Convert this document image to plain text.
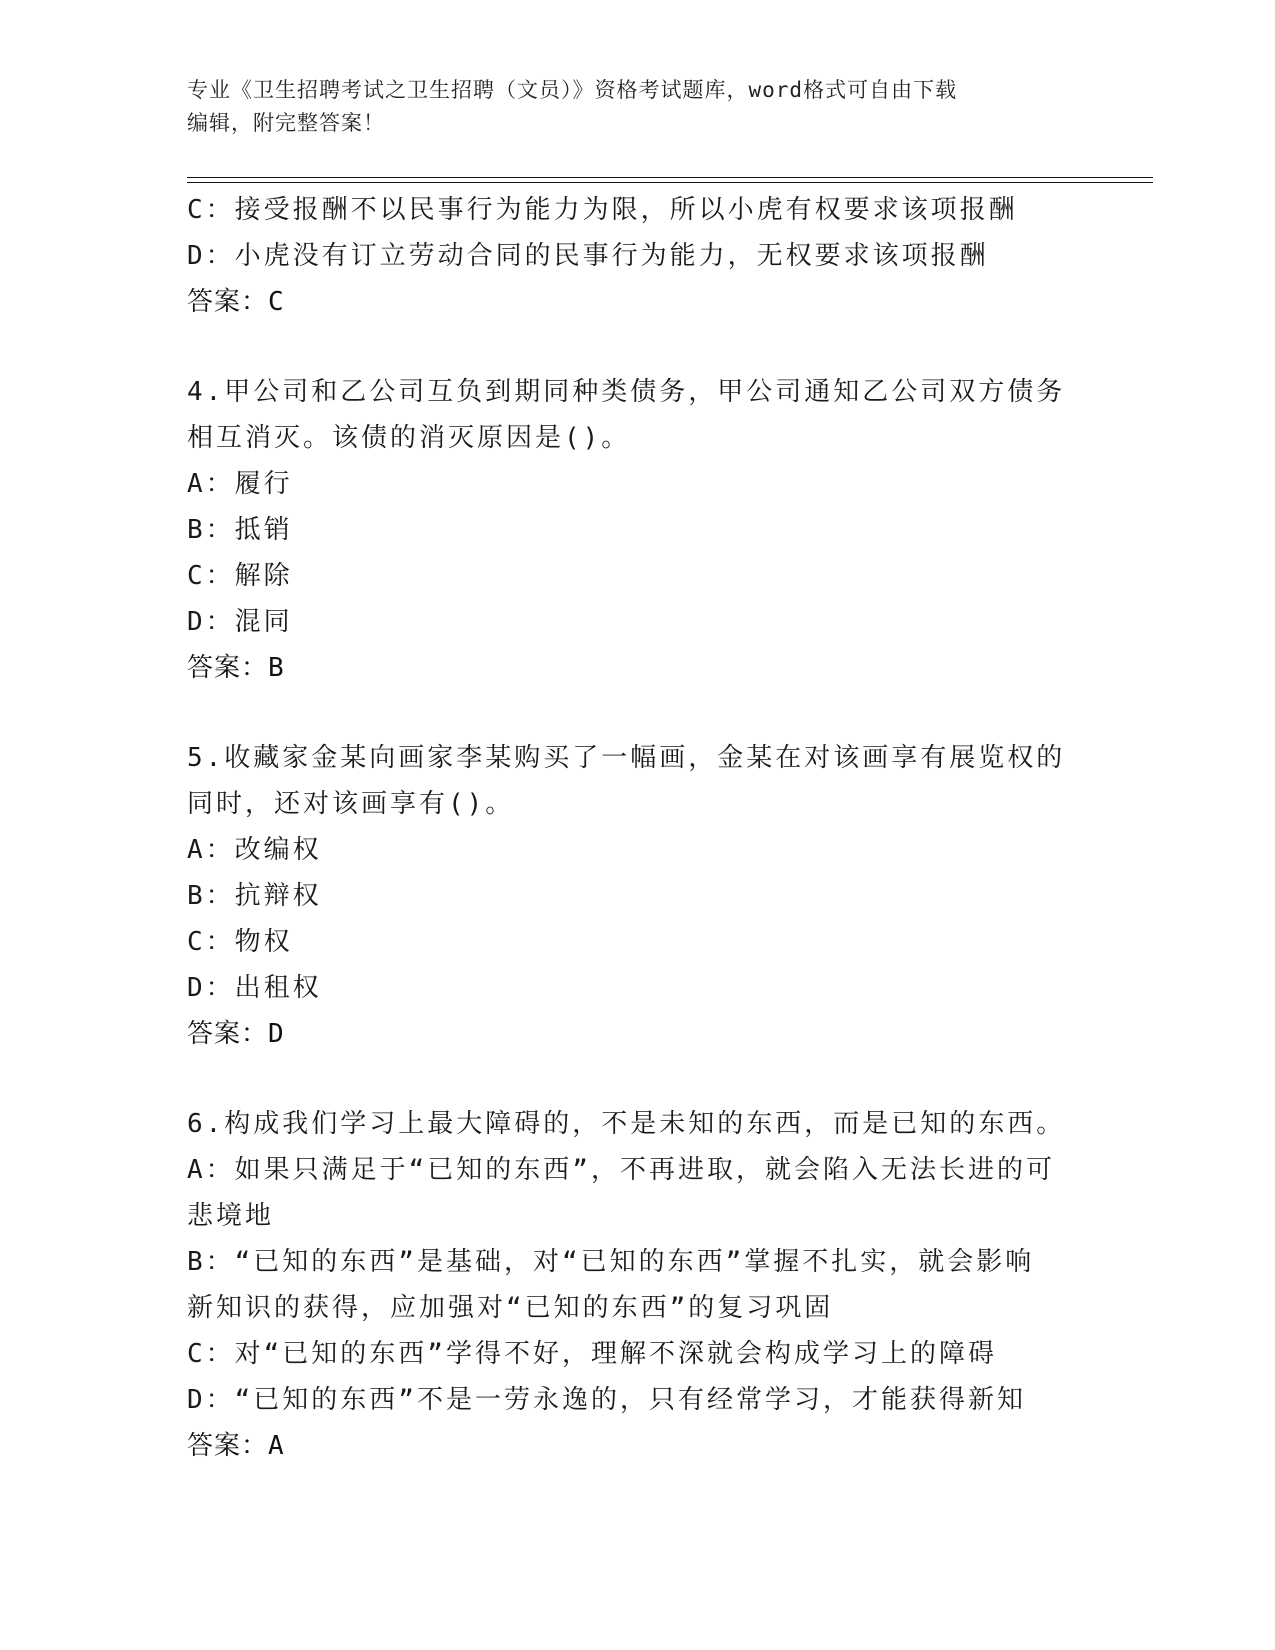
专业《卫生招聘考试之卫生招聘（文员）》资格考试题库，word格式可自由下载
编辑，附完整答案！
C：接受报酬不以民事行为能力为限，所以小虎有权要求该项报酬
D：小虎没有订立劳动合同的民事行为能力，无权要求该项报酬
答案：C
4.甲公司和乙公司互负到期同种类债务，甲公司通知乙公司双方债务
相互消灭。该债的消灭原因是()。
A：履行
B：抵销
C：解除
D：混同
答案：B
5.收藏家金某向画家李某购买了一幅画，金某在对该画享有展览权的
同时，还对该画享有()。
A：改编权
B：抗辩权
C：物权
D：出租权
答案：D
6.构成我们学习上最大障碍的，不是未知的东西，而是已知的东西。
A：如果只满足于“已知的东西”，不再进取，就会陷入无法长进的可
悲境地
B：“已知的东西”是基础，对“已知的东西”掌握不扎实，就会影响
新知识的获得，应加强对“已知的东西”的复习巩固
C：对“已知的东西”学得不好，理解不深就会构成学习上的障碍
D：“已知的东西”不是一劳永逸的，只有经常学习，才能获得新知
答案：A
